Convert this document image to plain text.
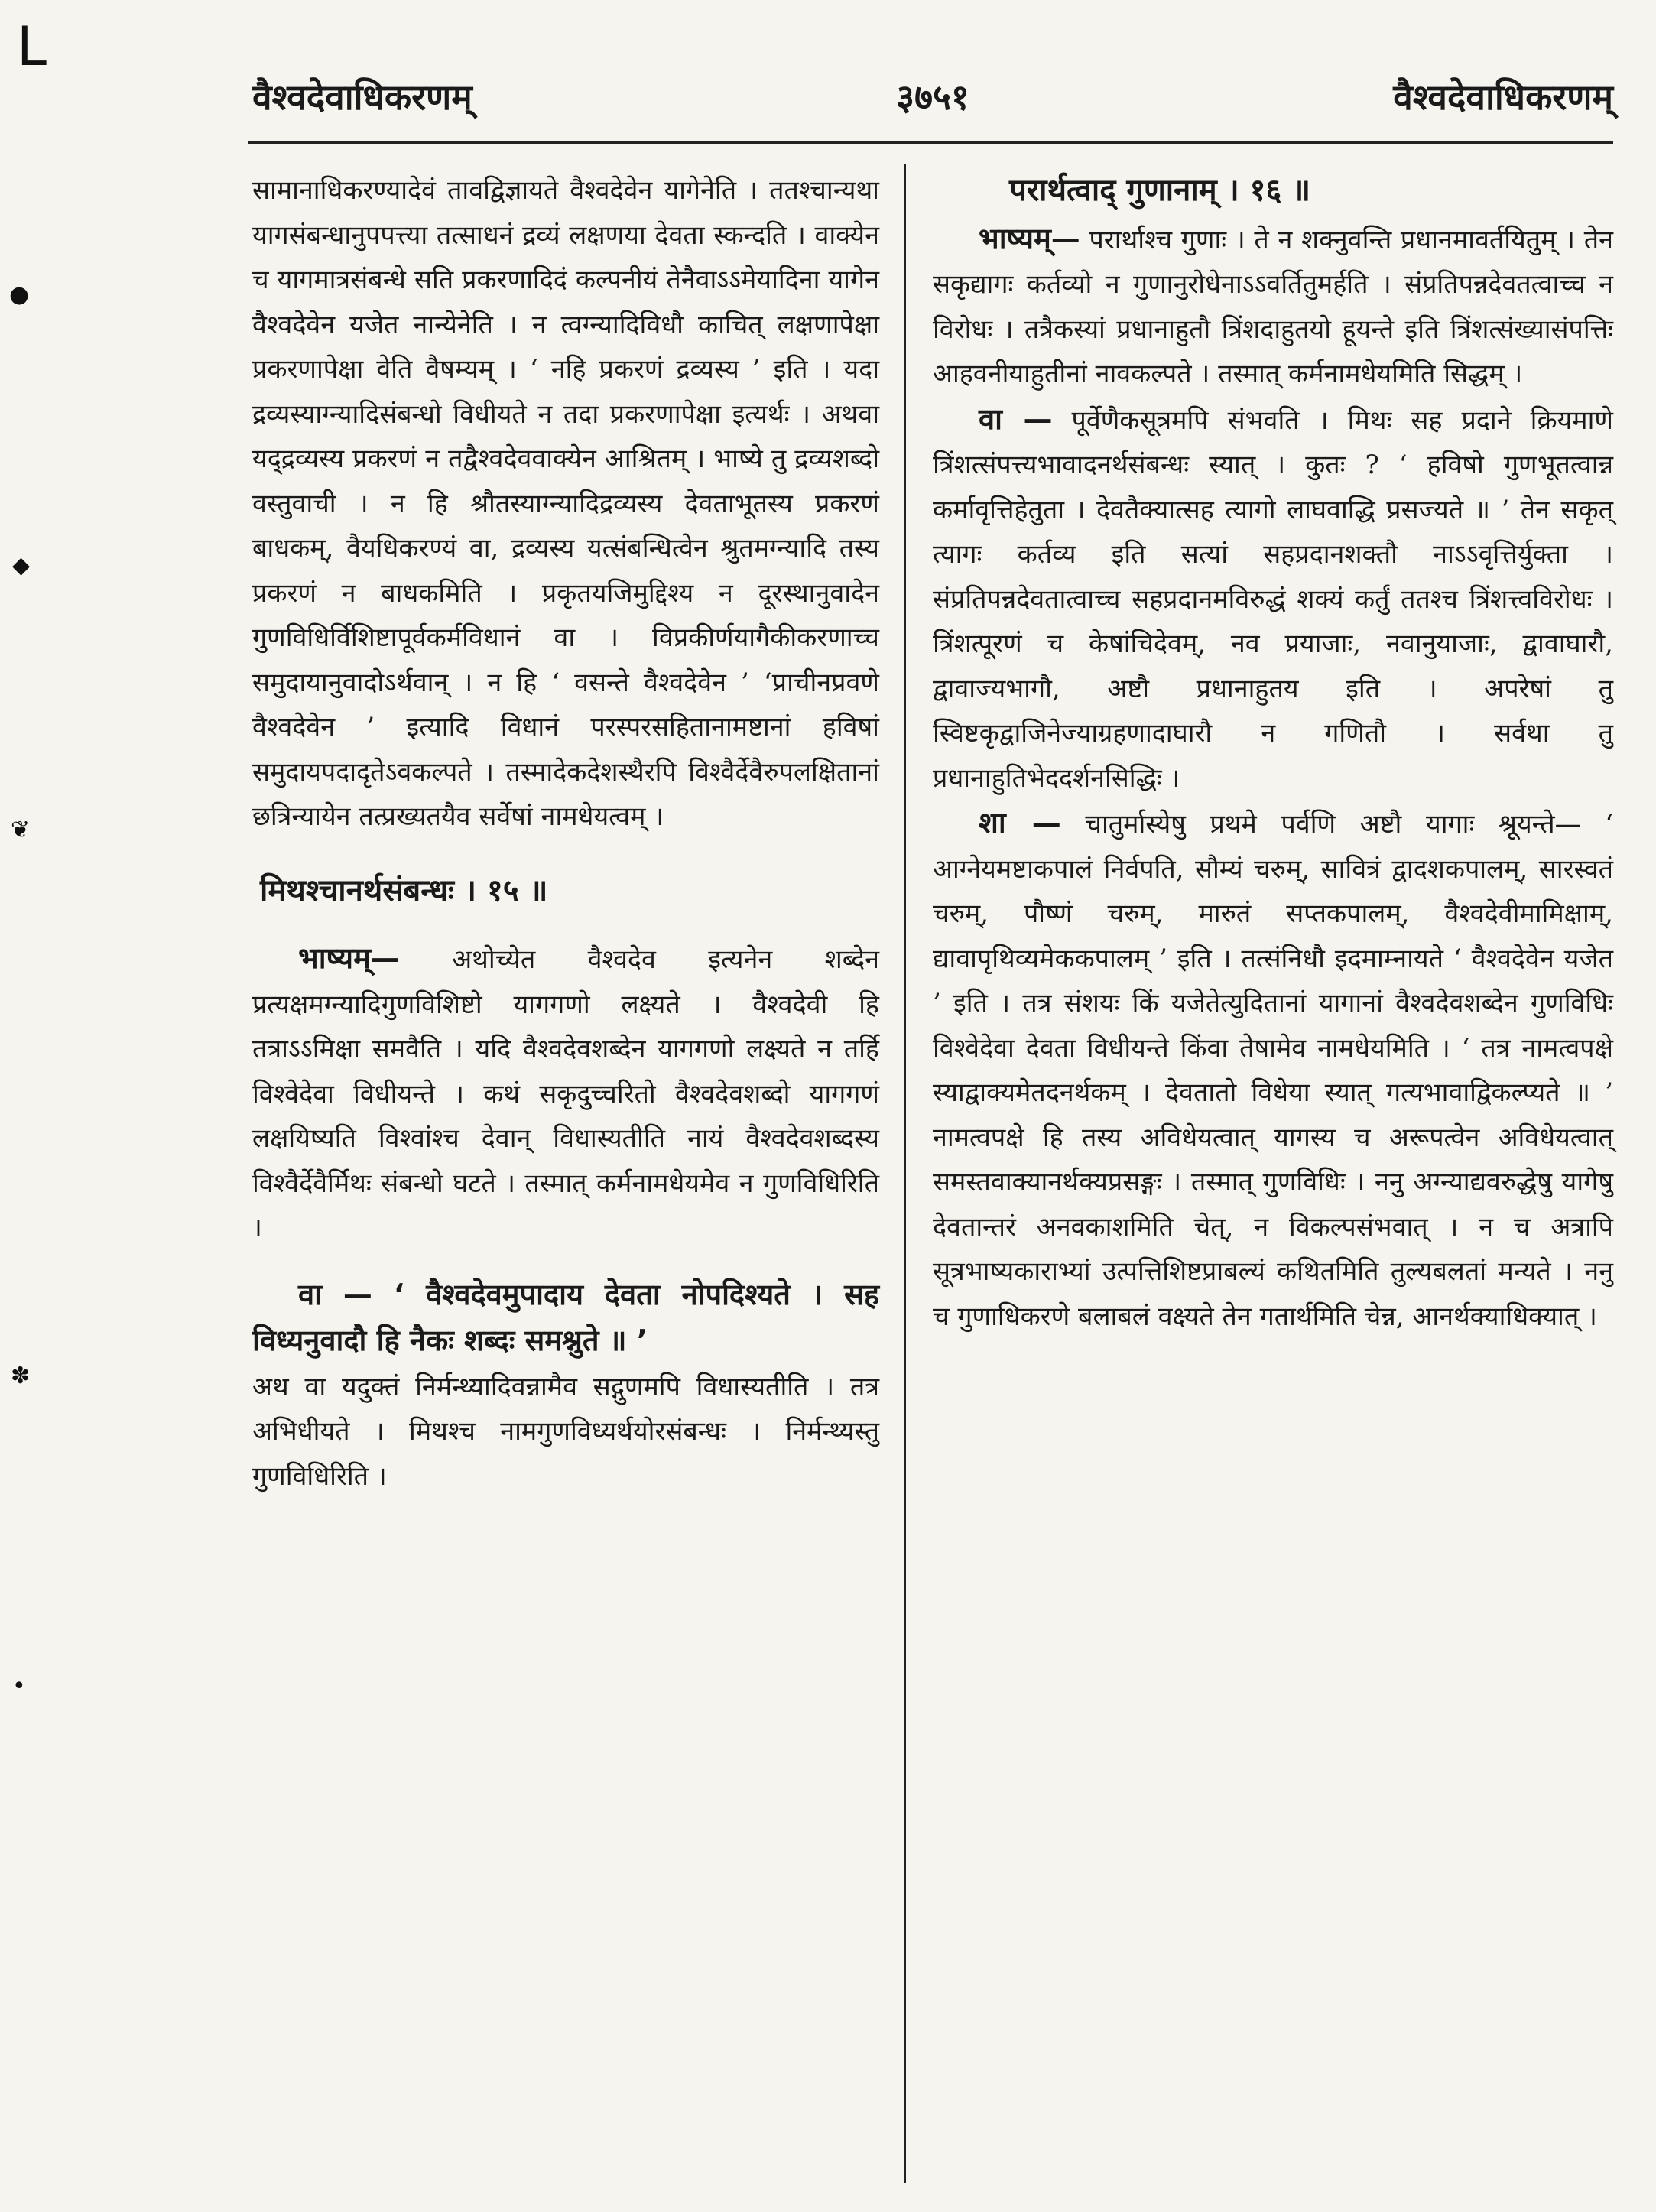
L
●
◆
❦
✽
•
वैश्वदेवाधिकरणम्	३७५१	वैश्वदेवाधिकरणम्

सामानाधिकरण्यादेवं तावद्विज्ञायते वैश्वदेवेन यागेनेति । ततश्चान्यथा यागसंबन्धानुपपत्त्या तत्साधनं द्रव्यं लक्षणया देवता स्कन्दति । वाक्येन च यागमात्रसंबन्धे सति प्रकरणादिदं कल्पनीयं तेनैवाऽऽमेयादिना यागेन वैश्वदेवेन यजेत नान्येनेति । न त्वग्न्यादिविधौ काचित् लक्षणापेक्षा प्रकरणापेक्षा वेति वैषम्यम् । ‘ नहि प्रकरणं द्रव्यस्य ’ इति । यदा द्रव्यस्याग्न्यादिसंबन्धो विधीयते न तदा प्रकरणापेक्षा इत्यर्थः । अथवा यद्द्रव्यस्य प्रकरणं न तद्वैश्वदेववाक्येन आश्रितम् । भाष्ये तु द्रव्यशब्दो वस्तुवाची । न हि श्रौतस्याग्न्यादिद्रव्यस्य देवताभूतस्य प्रकरणं बाधकम्, वैयधिकरण्यं वा, द्रव्यस्य यत्संबन्धित्वेन श्रुतमग्न्यादि तस्य प्रकरणं न बाधकमिति । प्रकृतयजिमुद्दिश्य न दूरस्थानुवादेन गुणविधिर्विशिष्टापूर्वकर्मविधानं वा । विप्रकीर्णयागैकीकरणाच्च समुदायानुवादोऽर्थवान् । न हि ‘ वसन्ते वैश्वदेवेन ’ ‘प्राचीनप्रवणे वैश्वदेवेन ’ इत्यादि विधानं परस्परसहितानामष्टानां हविषां समुदायपदादृतेऽवकल्पते । तस्मादेकदेशस्थैरपि विश्वैर्देवैरुपलक्षितानां छत्रिन्यायेन तत्प्रख्यतयैव सर्वेषां नामधेयत्वम् ।

मिथश्चानर्थसंबन्धः । १५ ॥

भाष्यम्— अथोच्येत वैश्वदेव इत्यनेन शब्देन प्रत्यक्षमग्न्यादिगुणविशिष्टो यागगणो लक्ष्यते । वैश्वदेवी हि तत्राऽऽमिक्षा समवैति । यदि वैश्वदेवशब्देन यागगणो लक्ष्यते न तर्हि विश्वेदेवा विधीयन्ते । कथं सकृदुच्चरितो वैश्वदेवशब्दो यागगणं लक्षयिष्यति विश्वांश्च देवान् विधास्यतीति नायं वैश्वदेवशब्दस्य विश्वैर्देवैर्मिथः संबन्धो घटते । तस्मात् कर्मनामधेयमेव न गुणविधिरिति ।

वा — ‘ वैश्वदेवमुपादाय देवता नोपदिश्यते । सह विध्यनुवादौ हि नैकः शब्दः समश्नुते ॥ ’

अथ वा यदुक्तं निर्मन्थ्यादिवन्नामैव सद्गुणमपि विधास्यतीति । तत्र अभिधीयते । मिथश्च नामगुणविध्यर्थयोरसंबन्धः । निर्मन्थ्यस्तु गुणविधिरिति ।

परार्थत्वाद् गुणानाम् । १६ ॥

भाष्यम्— परार्थाश्च गुणाः । ते न शक्नुवन्ति प्रधानमावर्तयितुम् । तेन सकृद्यागः कर्तव्यो न गुणानुरोधेनाऽऽवर्तितुमर्हति । संप्रतिपन्नदेवतत्वाच्च न विरोधः । तत्रैकस्यां प्रधानाहुतौ त्रिंशदाहुतयो हूयन्ते इति त्रिंशत्संख्यासंपत्तिः आहवनीयाहुतीनां नावकल्पते । तस्मात् कर्मनामधेयमिति सिद्धम् ।

वा — पूर्वेणैकसूत्रमपि संभवति । मिथः सह प्रदाने क्रियमाणे त्रिंशत्संपत्त्यभावादनर्थसंबन्धः स्यात् । कुतः ? ‘ हविषो गुणभूतत्वान्न कर्मावृत्तिहेतुता । देवतैक्यात्सह त्यागो लाघवाद्धि प्रसज्यते ॥ ’ तेन सकृत् त्यागः कर्तव्य इति सत्यां सहप्रदानशक्तौ नाऽऽवृत्तिर्युक्ता । संप्रतिपन्नदेवतात्वाच्च सहप्रदानमविरुद्धं शक्यं कर्तुं ततश्च त्रिंशत्त्वविरोधः । त्रिंशत्पूरणं च केषांचिदेवम्, नव प्रयाजाः, नवानुयाजाः, द्वावाघारौ, द्वावाज्यभागौ, अष्टौ प्रधानाहुतय इति । अपरेषां तु स्विष्टकृद्वाजिनेज्याग्रहणादाघारौ न गणितौ । सर्वथा तु प्रधानाहुतिभेददर्शनसिद्धिः ।

शा — चातुर्मास्येषु प्रथमे पर्वणि अष्टौ यागाः श्रूयन्ते— ‘ आग्नेयमष्टाकपालं निर्वपति, सौम्यं चरुम्, सावित्रं द्वादशकपालम्, सारस्वतं चरुम्, पौष्णं चरुम्, मारुतं सप्तकपालम्, वैश्वदेवीमामिक्षाम्, द्यावापृथिव्यमेककपालम् ’ इति । तत्संनिधौ इदमाम्नायते ‘ वैश्वदेवेन यजेत ’ इति । तत्र संशयः किं यजेतेत्युदितानां यागानां वैश्वदेवशब्देन गुणविधिः विश्वेदेवा देवता विधीयन्ते किंवा तेषामेव नामधेयमिति । ‘ तत्र नामत्वपक्षे स्याद्वाक्यमेतदनर्थकम् । देवतातो विधेया स्यात् गत्यभावाद्विकल्प्यते ॥ ’ नामत्वपक्षे हि तस्य अविधेयत्वात् यागस्य च अरूपत्वेन अविधेयत्वात् समस्तवाक्यानर्थक्यप्रसङ्गः । तस्मात् गुणविधिः । ननु अग्न्याद्यवरुद्धेषु यागेषु देवतान्तरं अनवकाशमिति चेत्, न विकल्पसंभवात् । न च अत्रापि सूत्रभाष्यकाराभ्यां उत्पत्तिशिष्टप्राबल्यं कथितमिति तुल्यबलतां मन्यते । ननु च गुणाधिकरणे बलाबलं वक्ष्यते तेन गतार्थमिति चेन्न, आनर्थक्याधिक्यात् ।
